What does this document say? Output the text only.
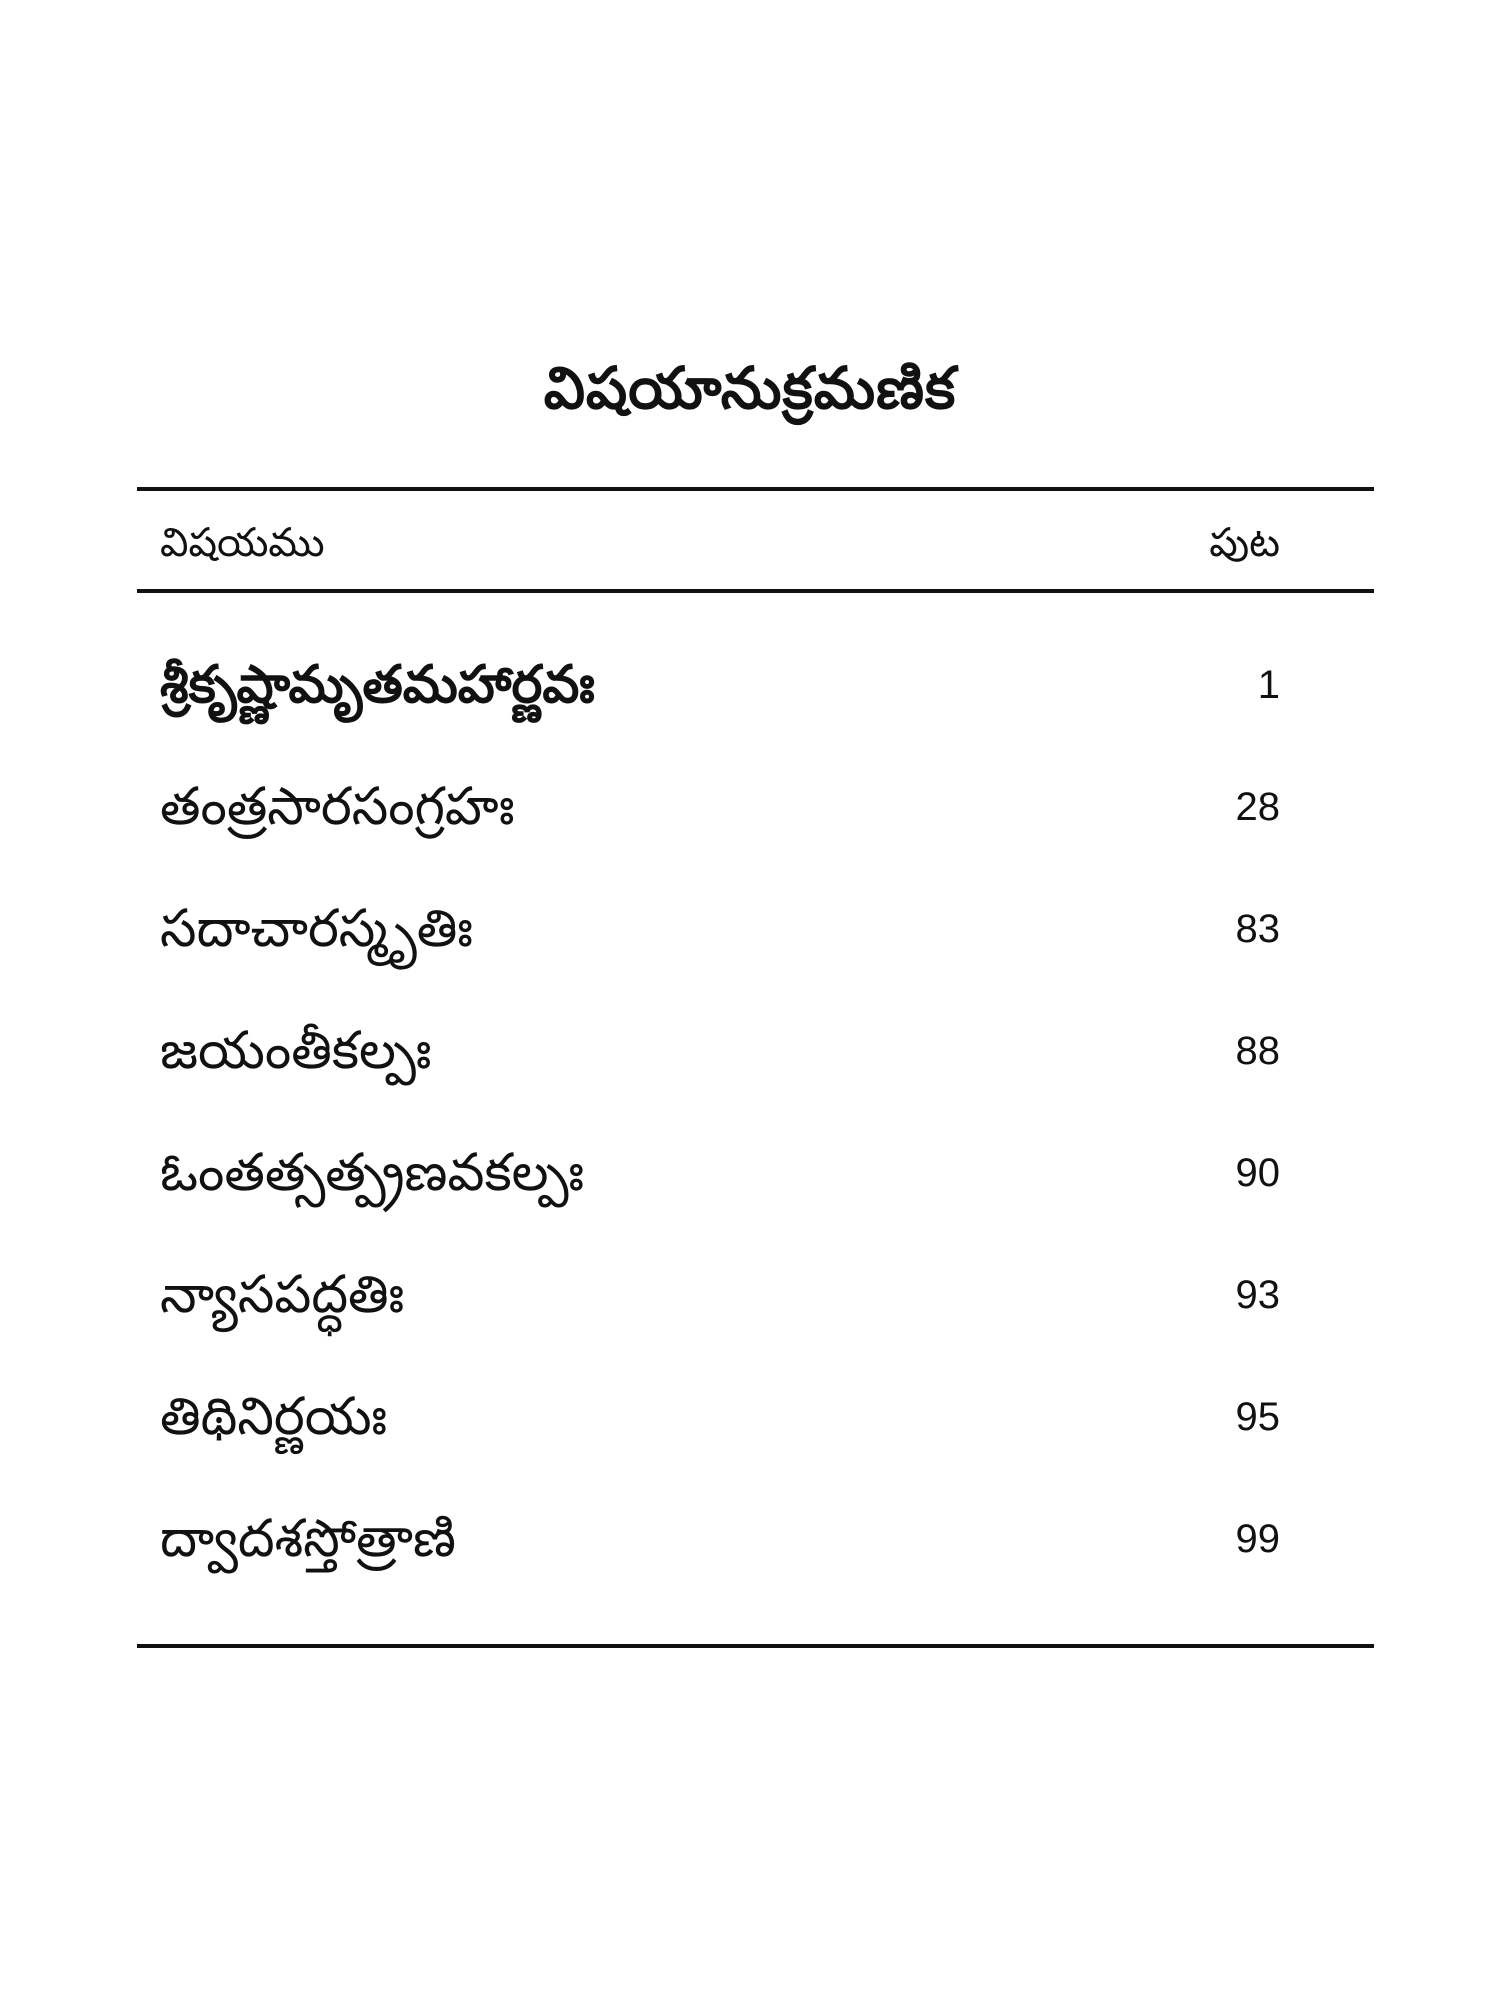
విషయానుక్రమణిక
విషయము	పుట
శ్రీకృష్ణామృతమహార్ణవః	1
తంత్రసారసంగ్రహః	28
సదాచారస్మృతిః	83
జయంతీకల్పః	88
ఓంతత్సత్ప్రణవకల్పః	90
న్యాసపద్ధతిః	93
తిథినిర్ణయః	95
ద్వాదశస్తోత్రాణి	99
